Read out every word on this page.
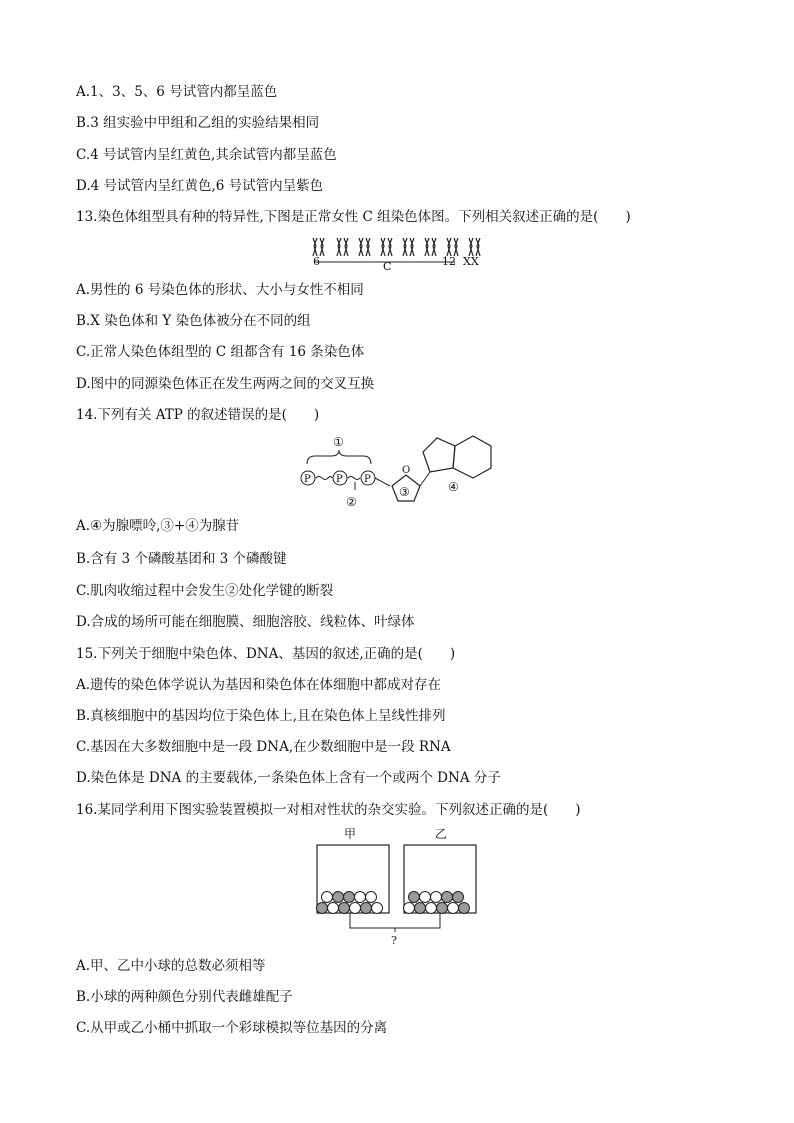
A.1、3、5、6 号试管内都呈蓝色
B.3 组实验中甲组和乙组的实验结果相同
C.4 号试管内呈红黄色,其余试管内都呈蓝色
D.4 号试管内呈红黄色,6 号试管内呈紫色
13.染色体组型具有种的特异性,下图是正常女性 C 组染色体图。下列相关叙述正确的是(　　)
6	C	12 XX
A.男性的 6 号染色体的形状、大小与女性不相同
B.X 染色体和 Y 染色体被分在不同的组
C.正常人染色体组型的 C 组都含有 16 条染色体
D.图中的同源染色体正在发生两两之间的交叉互换
14.下列有关 ATP 的叙述错误的是(　　)
①
P	P P
②
O
③	④
A.④为腺嘌呤,③+④为腺苷
B.含有 3 个磷酸基团和 3 个磷酸键
C.肌肉收缩过程中会发生②处化学键的断裂
D.合成的场所可能在细胞膜、细胞溶胶、线粒体、叶绿体
15.下列关于细胞中染色体、DNA、基因的叙述,正确的是(　　)
A.遗传的染色体学说认为基因和染色体在体细胞中都成对存在
B.真核细胞中的基因均位于染色体上,且在染色体上呈线性排列
C.基因在大多数细胞中是一段 DNA,在少数细胞中是一段 RNA
D.染色体是 DNA 的主要载体,一条染色体上含有一个或两个 DNA 分子
16.某同学利用下图实验装置模拟一对相对性状的杂交实验。下列叙述正确的是(　　)
甲	乙
?
A.甲、乙中小球的总数必须相等
B.小球的两种颜色分别代表雌雄配子
C.从甲或乙小桶中抓取一个彩球模拟等位基因的分离
